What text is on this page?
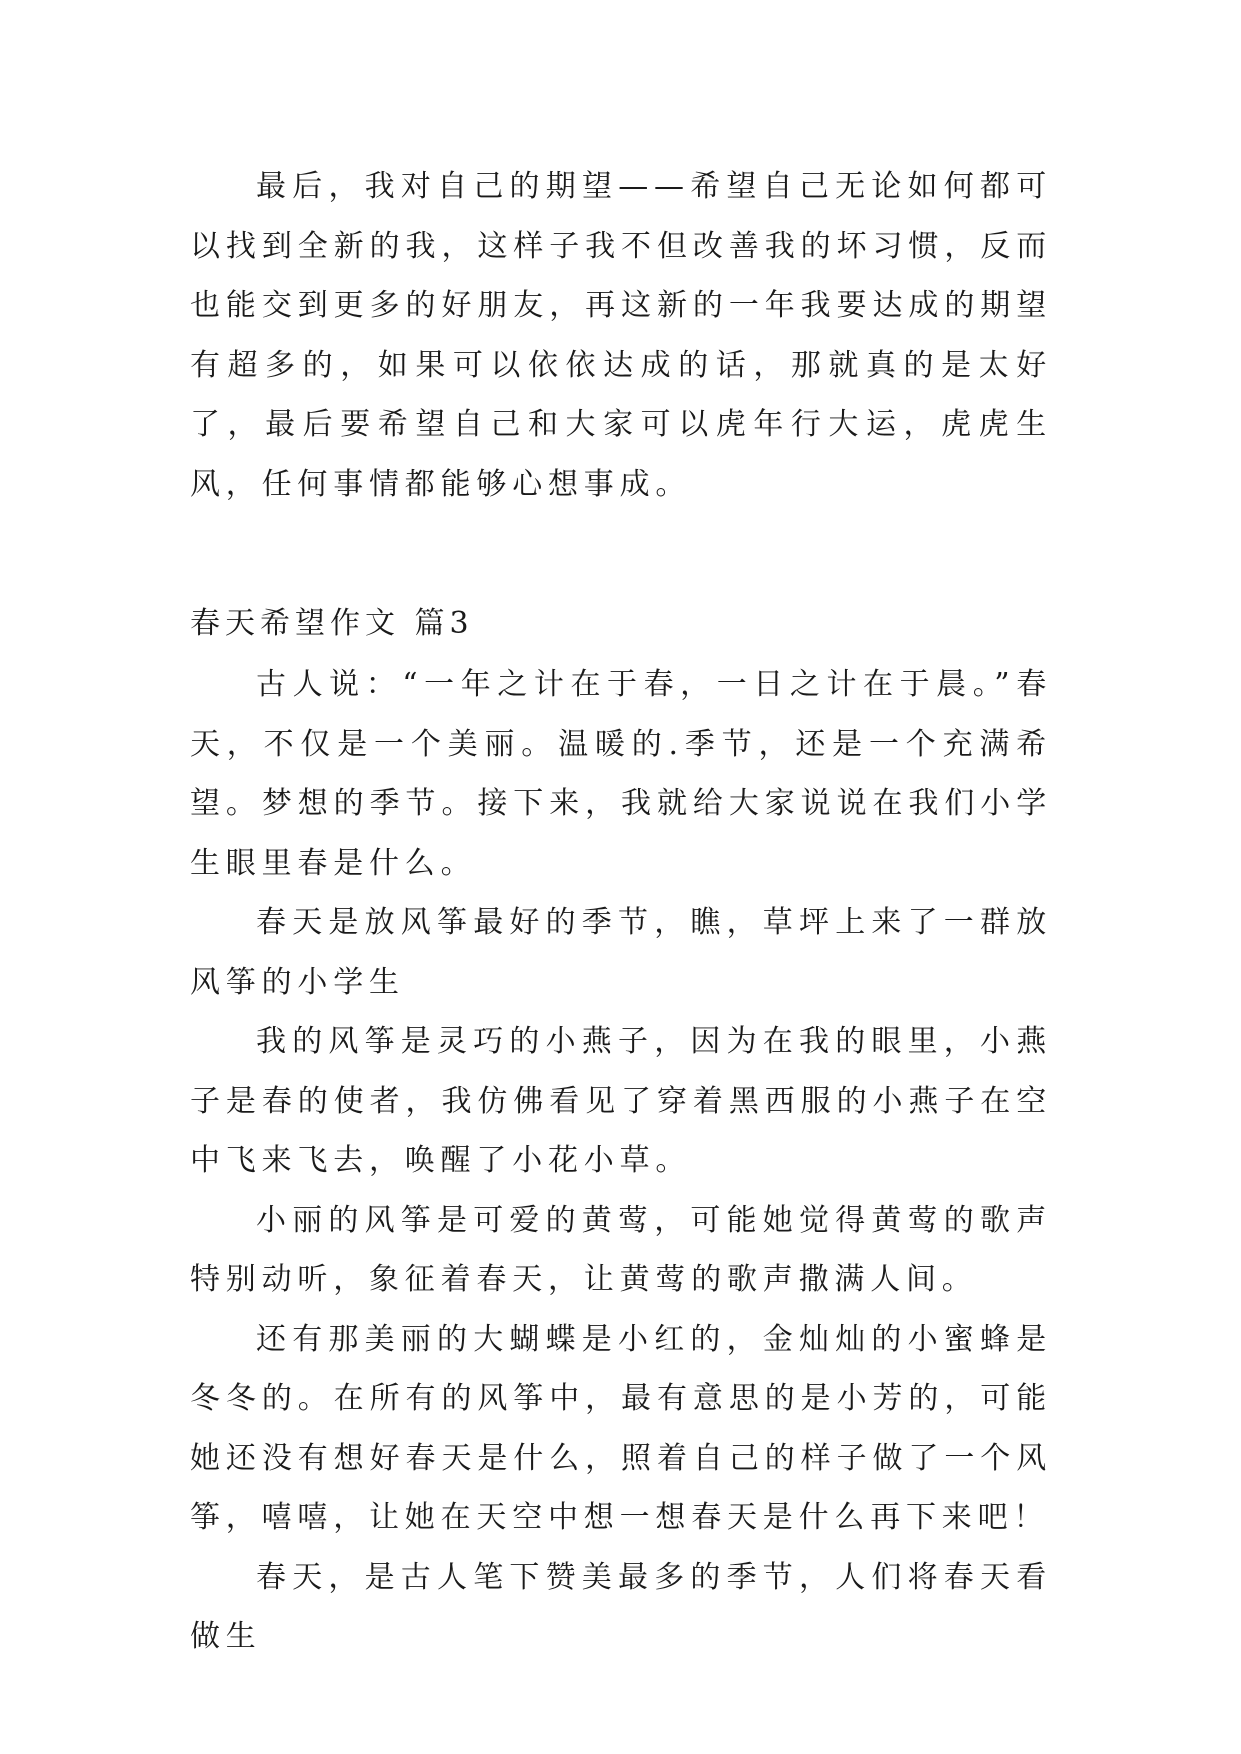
最后，我对自己的期望——希望自己无论如何都可以找到全新的我，这样子我不但改善我的坏习惯，反而也能交到更多的好朋友，再这新的一年我要达成的期望有超多的，如果可以依依达成的话，那就真的是太好了，最后要希望自己和大家可以虎年行大运，虎虎生风，任何事情都能够心想事成。

春天希望作文 篇3

古人说：“一年之计在于春，一日之计在于晨。”春天，不仅是一个美丽。温暖的.季节，还是一个充满希望。梦想的季节。接下来，我就给大家说说在我们小学生眼里春是什么。

春天是放风筝最好的季节，瞧，草坪上来了一群放风筝的小学生

我的风筝是灵巧的小燕子，因为在我的眼里，小燕子是春的使者，我仿佛看见了穿着黑西服的小燕子在空中飞来飞去，唤醒了小花小草。

小丽的风筝是可爱的黄莺，可能她觉得黄莺的歌声特别动听，象征着春天，让黄莺的歌声撒满人间。

还有那美丽的大蝴蝶是小红的，金灿灿的小蜜蜂是冬冬的。在所有的风筝中，最有意思的是小芳的，可能她还没有想好春天是什么，照着自己的样子做了一个风筝，嘻嘻，让她在天空中想一想春天是什么再下来吧！

春天，是古人笔下赞美最多的季节，人们将春天看做生
